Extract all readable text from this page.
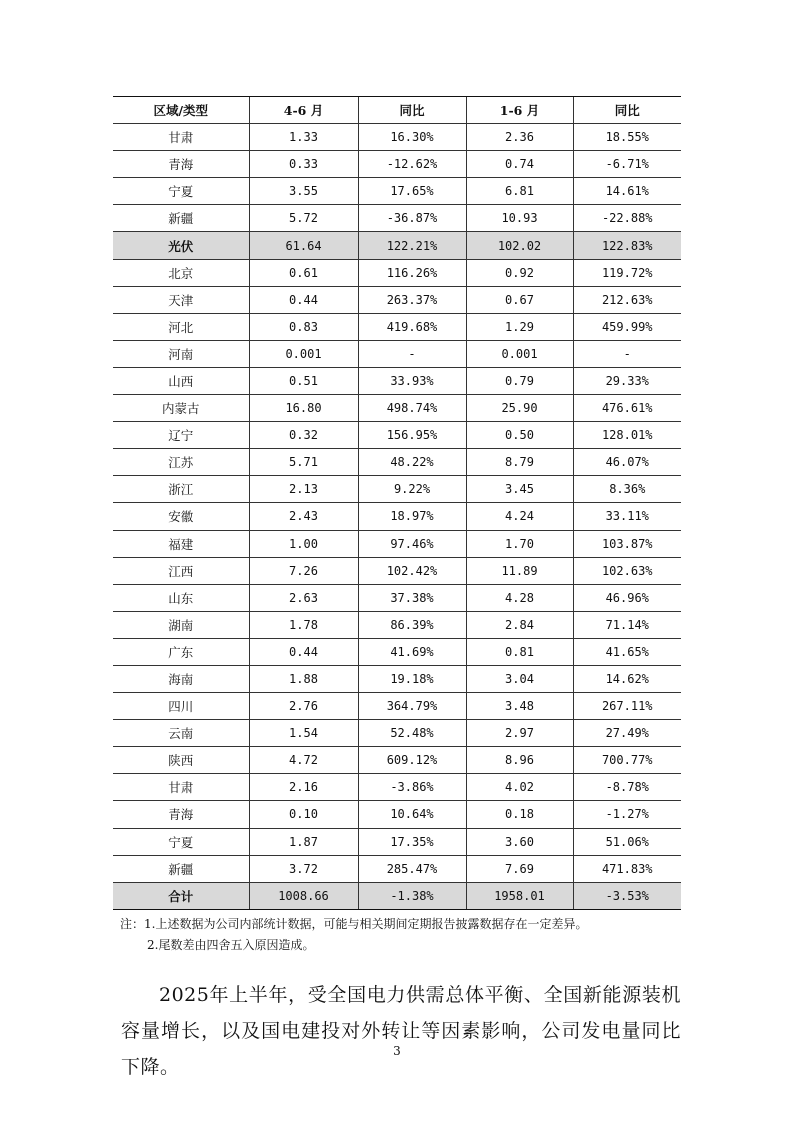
区域/类型	4-6 月	同比	1-6 月	同比
甘肃	1.33	16.30%	2.36	18.55%
青海	0.33	-12.62%	0.74	-6.71%
宁夏	3.55	17.65%	6.81	14.61%
新疆	5.72	-36.87%	10.93	-22.88%
光伏	61.64	122.21%	102.02	122.83%
北京	0.61	116.26%	0.92	119.72%
天津	0.44	263.37%	0.67	212.63%
河北	0.83	419.68%	1.29	459.99%
河南	0.001	-	0.001	-
山西	0.51	33.93%	0.79	29.33%
内蒙古	16.80	498.74%	25.90	476.61%
辽宁	0.32	156.95%	0.50	128.01%
江苏	5.71	48.22%	8.79	46.07%
浙江	2.13	9.22%	3.45	8.36%
安徽	2.43	18.97%	4.24	33.11%
福建	1.00	97.46%	1.70	103.87%
江西	7.26	102.42%	11.89	102.63%
山东	2.63	37.38%	4.28	46.96%
湖南	1.78	86.39%	2.84	71.14%
广东	0.44	41.69%	0.81	41.65%
海南	1.88	19.18%	3.04	14.62%
四川	2.76	364.79%	3.48	267.11%
云南	1.54	52.48%	2.97	27.49%
陕西	4.72	609.12%	8.96	700.77%
甘肃	2.16	-3.86%	4.02	-8.78%
青海	0.10	10.64%	0.18	-1.27%
宁夏	1.87	17.35%	3.60	51.06%
新疆	3.72	285.47%	7.69	471.83%
合计	1008.66	-1.38%	1958.01	-3.53%
注：1.上述数据为公司内部统计数据，可能与相关期间定期报告披露数据存在一定差异。
2.尾数差由四舍五入原因造成。

2025年上半年，受全国电力供需总体平衡、全国新能源装机容量增长，以及国电建投对外转让等因素影响，公司发电量同比下降。

3
